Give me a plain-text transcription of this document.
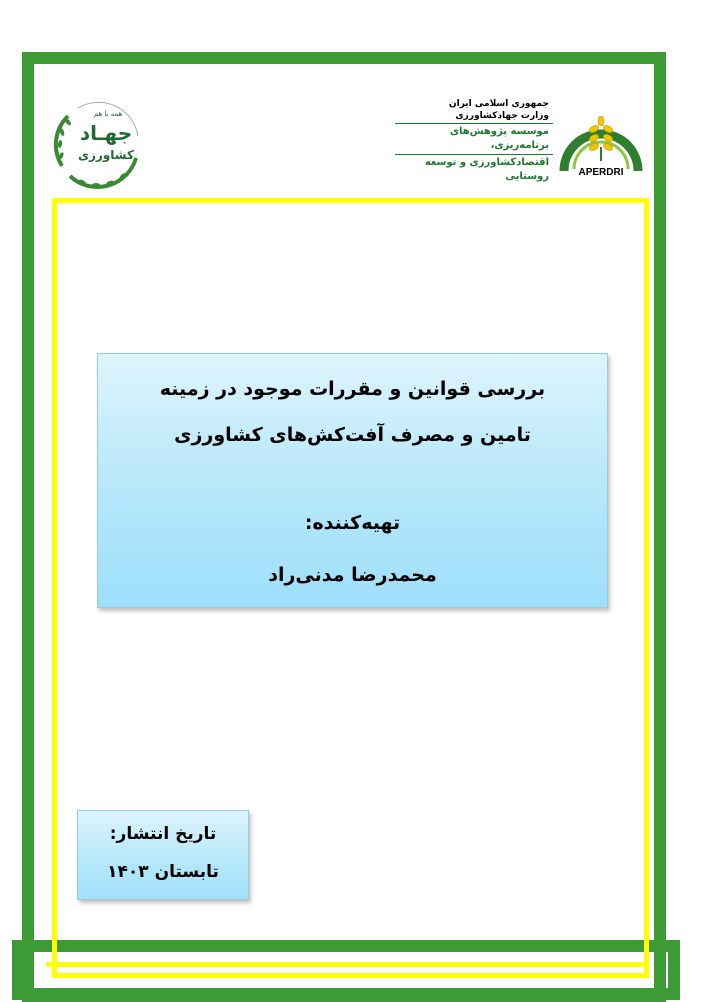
APERDRI
جمهوری اسلامی ایران
وزارت جهادکشاورزی
موسسه پژوهش‌های برنامه‌ریزی،
اقتصادکشاورزی و توسعه روستایی
همه با هم
جهـاد
کشاورزی
بررسی قوانین و مقررات موجود در زمینه
تامین و مصرف آفت‌کش‌های کشاورزی
تهیه‌کننده:
محمدرضا مدنی‌راد
تاریخ انتشار:
تابستان ۱۴۰۳
